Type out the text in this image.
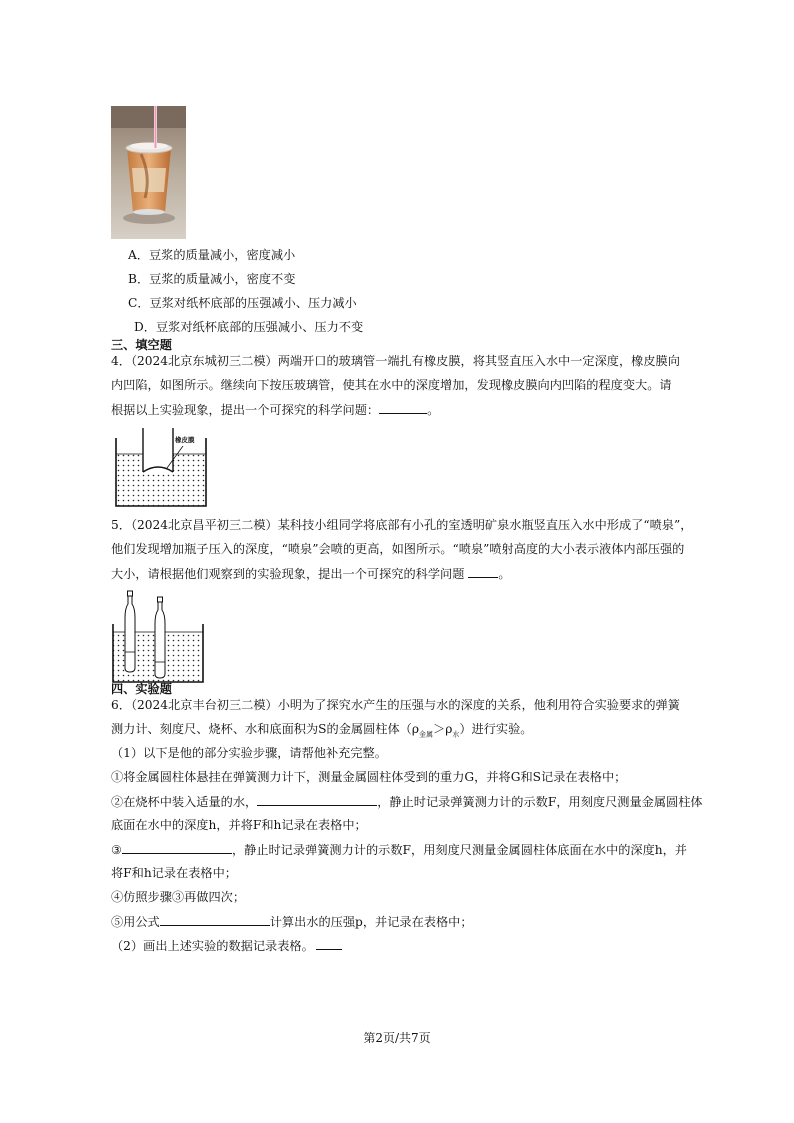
A．豆浆的质量减小，密度减小
B．豆浆的质量减小，密度不变
C．豆浆对纸杯底部的压强减小、压力减小
D．豆浆对纸杯底部的压强减小、压力不变
三、填空题
4．（2024北京东城初三二模）两端开口的玻璃管一端扎有橡皮膜，将其竖直压入水中一定深度，橡皮膜向
内凹陷，如图所示。继续向下按压玻璃管，使其在水中的深度增加，发现橡皮膜向内凹陷的程度变大。请
根据以上实验现象，提出一个可探究的科学问题：	。
橡皮膜
5．（2024北京昌平初三二模）某科技小组同学将底部有小孔的室透明矿泉水瓶竖直压入水中形成了“喷泉”，
他们发现增加瓶子压入的深度，“喷泉”会喷的更高，如图所示。“喷泉”喷射高度的大小表示液体内部压强的
大小，请根据他们观察到的实验现象，提出一个可探究的科学问题 。
四、实验题
6．（2024北京丰台初三二模）小明为了探究水产生的压强与水的深度的关系，他利用符合实验要求的弹簧
测力计、刻度尺、烧杯、水和底面积为S的金属圆柱体$(\rho_{金属}>\rho_水)$进行实验。
（1）以下是他的部分实验步骤，请帮他补充完整。
①将金属圆柱体悬挂在弹簧测力计下，测量金属圆柱体受到的重力G，并将G和S记录在表格中；
②在烧杯中装入适量的水，	，静止时记录弹簧测力计的示数F，用刻度尺测量金属圆柱体
底面在水中的深度h，并将F和h记录在表格中；
③	，静止时记录弹簧测力计的示数F，用刻度尺测量金属圆柱体底面在水中的深度h，并
将F和h记录在表格中；
④仿照步骤③再做四次；
⑤用公式	计算出水的压强p，并记录在表格中；
（2）画出上述实验的数据记录表格。
第2页/共7页
